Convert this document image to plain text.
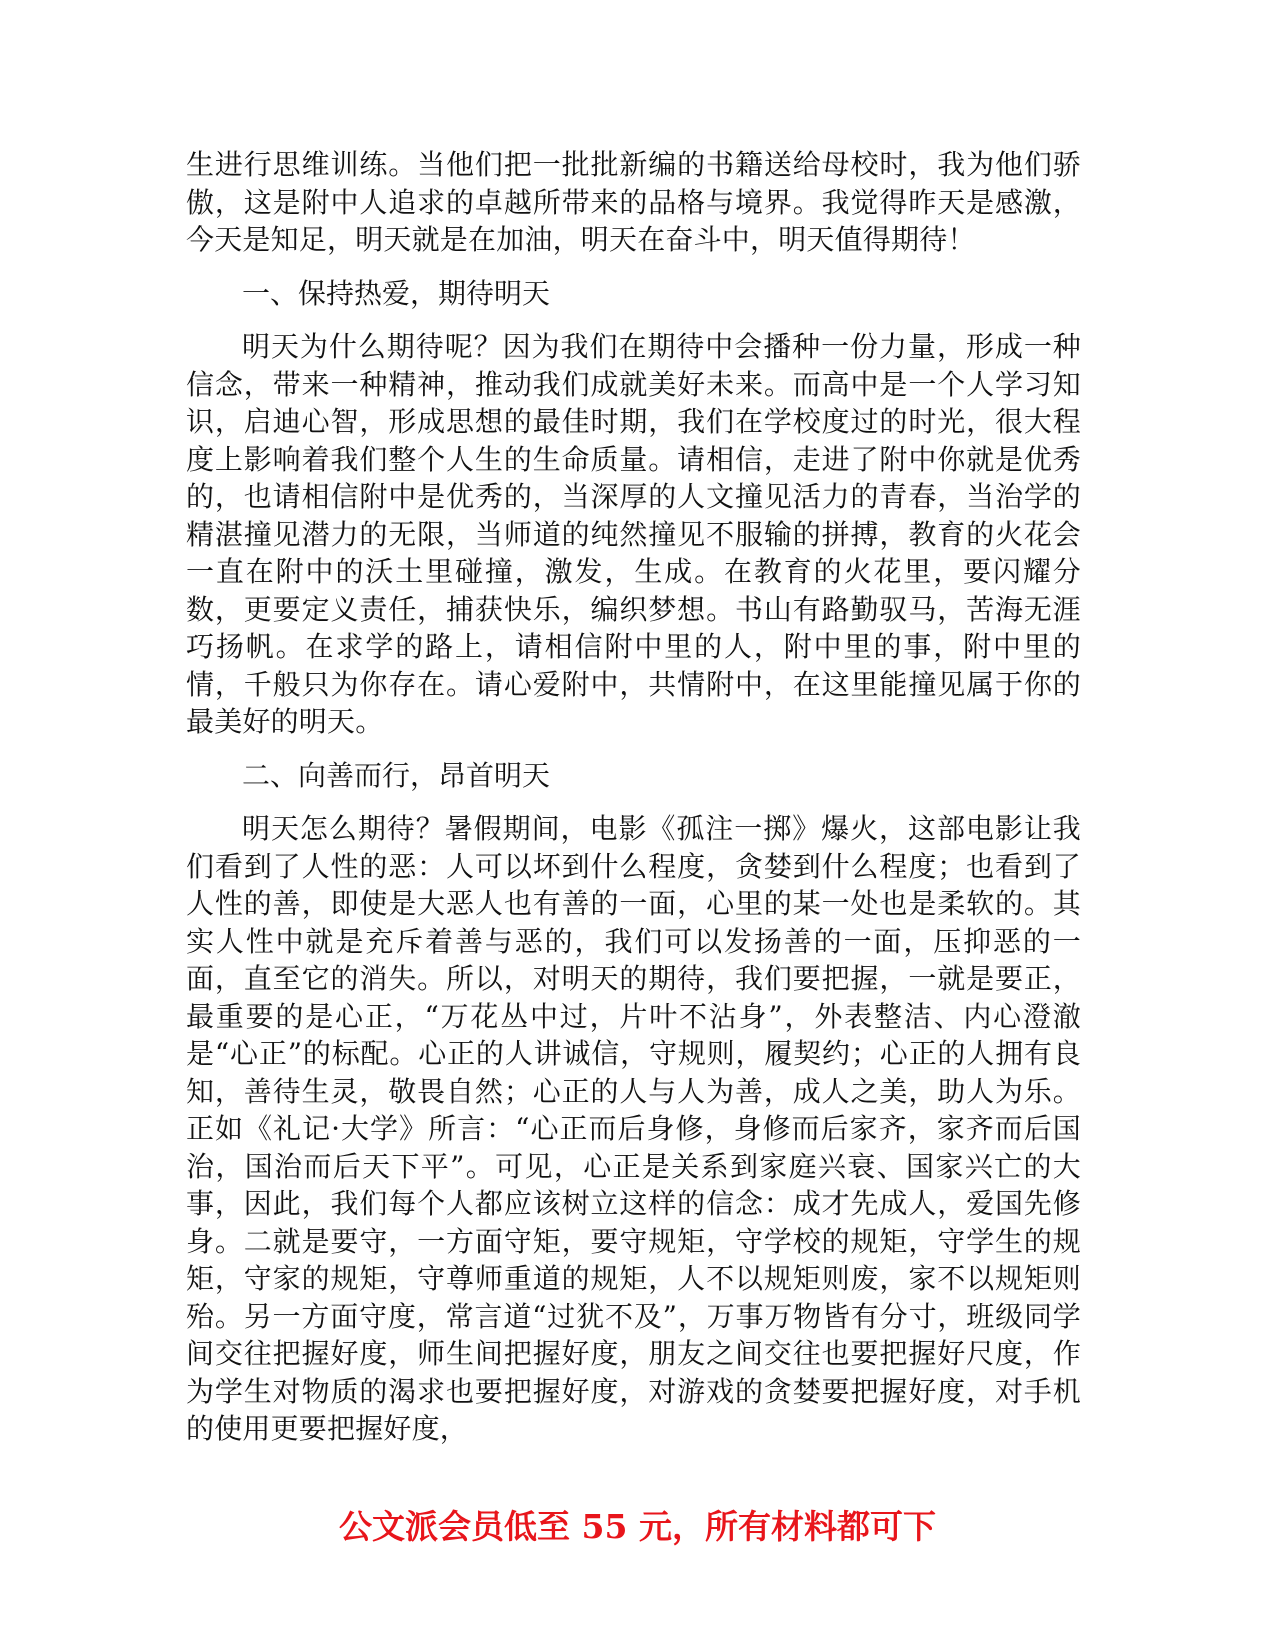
生进行思维训练。当他们把一批批新编的书籍送给母校时，我为他们骄傲，这是附中人追求的卓越所带来的品格与境界。我觉得昨天是感激，今天是知足，明天就是在加油，明天在奋斗中，明天值得期待！

一、保持热爱，期待明天

明天为什么期待呢？因为我们在期待中会播种一份力量，形成一种信念，带来一种精神，推动我们成就美好未来。而高中是一个人学习知识，启迪心智，形成思想的最佳时期，我们在学校度过的时光，很大程度上影响着我们整个人生的生命质量。请相信，走进了附中你就是优秀的，也请相信附中是优秀的，当深厚的人文撞见活力的青春，当治学的精湛撞见潜力的无限，当师道的纯然撞见不服输的拼搏，教育的火花会一直在附中的沃土里碰撞，激发，生成。在教育的火花里，要闪耀分数，更要定义责任，捕获快乐，编织梦想。书山有路勤驭马，苦海无涯巧扬帆。在求学的路上，请相信附中里的人，附中里的事，附中里的情，千般只为你存在。请心爱附中，共情附中，在这里能撞见属于你的最美好的明天。

二、向善而行，昂首明天

明天怎么期待？暑假期间，电影《孤注一掷》爆火，这部电影让我们看到了人性的恶：人可以坏到什么程度，贪婪到什么程度；也看到了人性的善，即使是大恶人也有善的一面，心里的某一处也是柔软的。其实人性中就是充斥着善与恶的，我们可以发扬善的一面，压抑恶的一面，直至它的消失。所以，对明天的期待，我们要把握，一就是要正，最重要的是心正，“万花丛中过，片叶不沾身”，外表整洁、内心澄澈是“心正”的标配。心正的人讲诚信，守规则，履契约；心正的人拥有良知，善待生灵，敬畏自然；心正的人与人为善，成人之美，助人为乐。正如《礼记·大学》所言：“心正而后身修，身修而后家齐，家齐而后国治，国治而后天下平”。可见，心正是关系到家庭兴衰、国家兴亡的大事，因此，我们每个人都应该树立这样的信念：成才先成人，爱国先修身。二就是要守，一方面守矩，要守规矩，守学校的规矩，守学生的规矩，守家的规矩，守尊师重道的规矩，人不以规矩则废，家不以规矩则殆。另一方面守度，常言道“过犹不及”，万事万物皆有分寸，班级同学间交往把握好度，师生间把握好度，朋友之间交往也要把握好尺度，作为学生对物质的渴求也要把握好度，对游戏的贪婪要把握好度，对手机的使用更要把握好度，

公文派会员低至 55 元，所有材料都可下
